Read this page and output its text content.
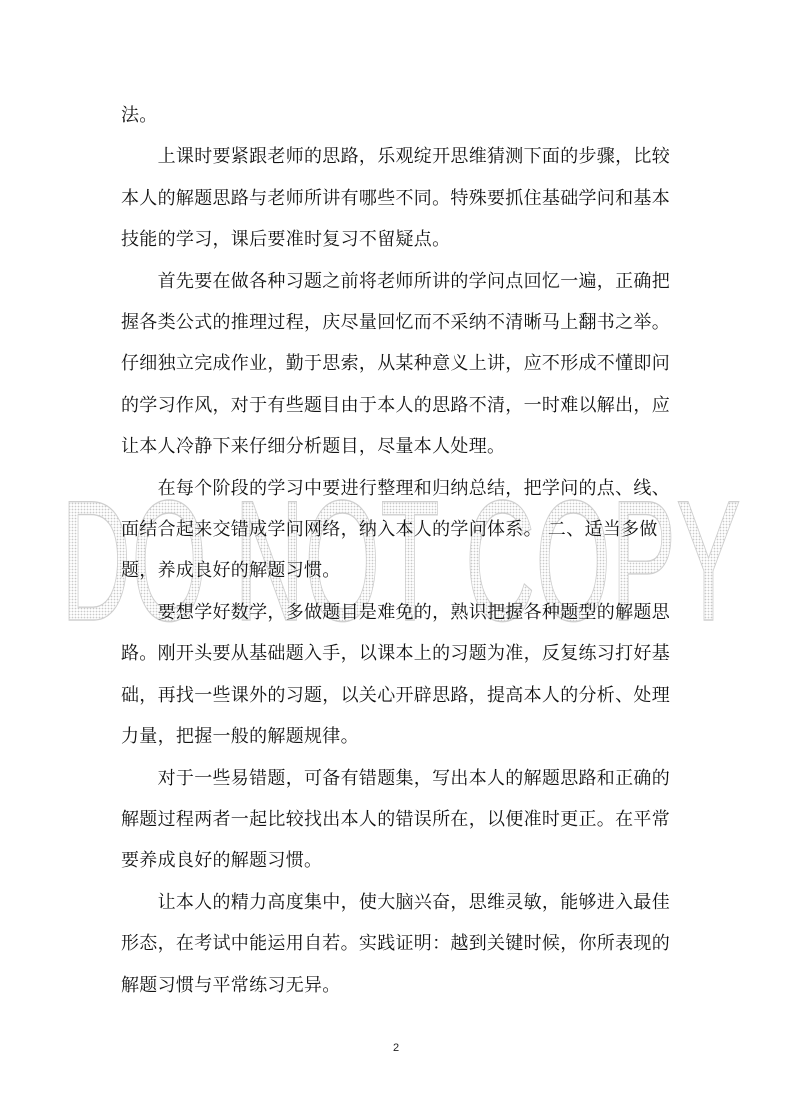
DO NOT COPY
法。
　　上课时要紧跟老师的思路，乐观绽开思维猜测下面的步骤，比较
本人的解题思路与老师所讲有哪些不同。特殊要抓住基础学问和基本
技能的学习，课后要准时复习不留疑点。
　　首先要在做各种习题之前将老师所讲的学问点回忆一遍，正确把
握各类公式的推理过程，庆尽量回忆而不采纳不清晰马上翻书之举。
仔细独立完成作业，勤于思索，从某种意义上讲，应不形成不懂即问
的学习作风，对于有些题目由于本人的思路不清，一时难以解出，应
让本人冷静下来仔细分析题目，尽量本人处理。
　　在每个阶段的学习中要进行整理和归纳总结，把学问的点、线、
面结合起来交错成学问网络，纳入本人的学问体系。 二、适当多做
题，养成良好的解题习惯。
　　要想学好数学，多做题目是难免的，熟识把握各种题型的解题思
路。刚开头要从基础题入手，以课本上的习题为准，反复练习打好基
础，再找一些课外的习题，以关心开辟思路，提高本人的分析、处理
力量，把握一般的解题规律。
　　对于一些易错题，可备有错题集，写出本人的解题思路和正确的
解题过程两者一起比较找出本人的错误所在，以便准时更正。在平常
要养成良好的解题习惯。
　　让本人的精力高度集中，使大脑兴奋，思维灵敏，能够进入最佳
形态，在考试中能运用自若。实践证明：越到关键时候，你所表现的
解题习惯与平常练习无异。
2
